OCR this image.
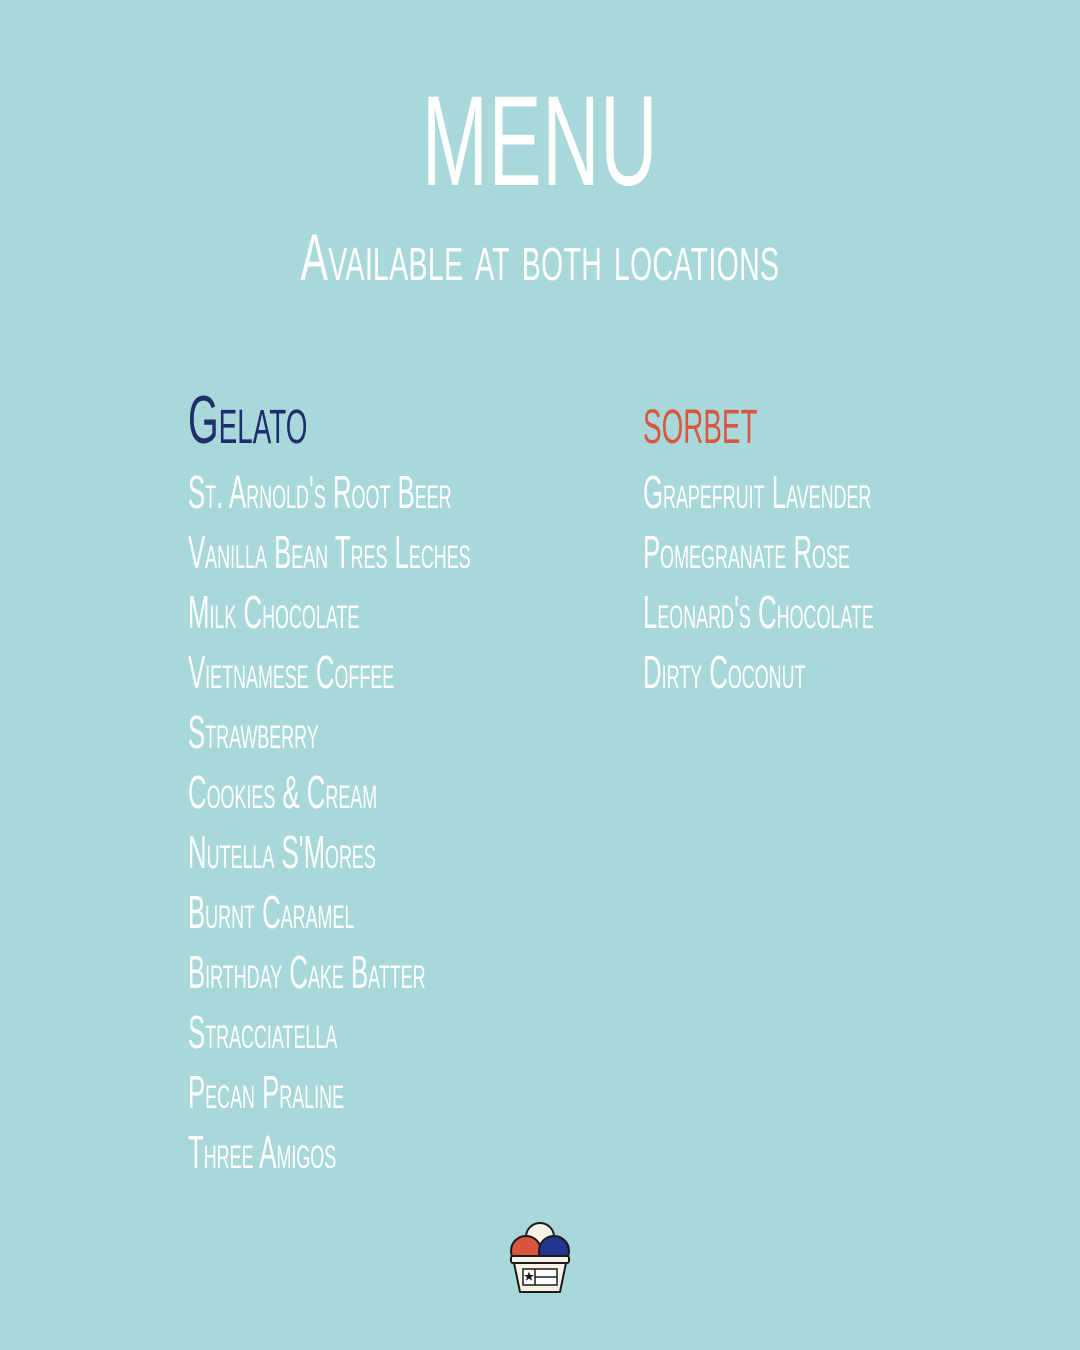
MENU
Available at both locations
Gelato
St. Arnold's Root Beer
Vanilla Bean Tres Leches
Milk Chocolate
Vietnamese Coffee
Strawberry
Cookies & Cream
Nutella S'Mores
Burnt Caramel
Birthday Cake Batter
Stracciatella
Pecan Praline
Three Amigos
sorbet
Grapefruit Lavender
Pomegranate Rose
Leonard's Chocolate
Dirty Coconut
